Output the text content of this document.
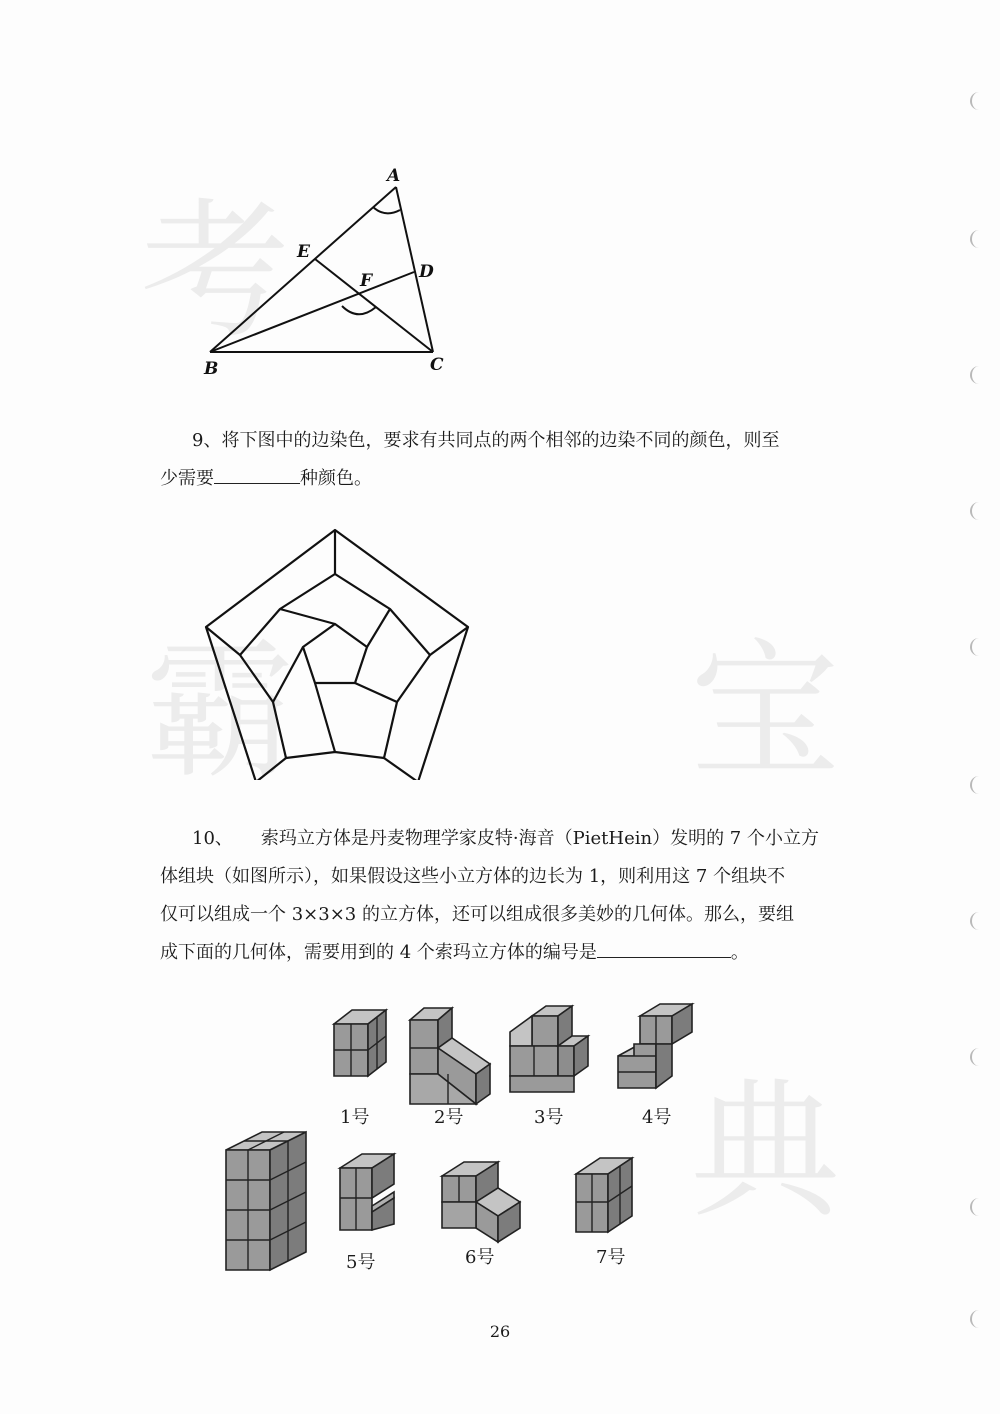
考
霸	宝
典
A
E
F	D
B	C
9、将下图中的边染色，要求有共同点的两个相邻的边染不同的颜色，则至
少需要	种颜色。
10、 索玛立方体是丹麦物理学家皮特·海音（PietHein）发明的 7 个小立方
体组块（如图所示），如果假设这些小立方体的边长为 1，则利用这 7 个组块不
仅可以组成一个 3×3×3 的立方体，还可以组成很多美妙的几何体。那么，要组
成下面的几何体，需要用到的 4 个索玛立方体的编号是	。
1号	2号	3号	4号
5号	6号	7号
26
